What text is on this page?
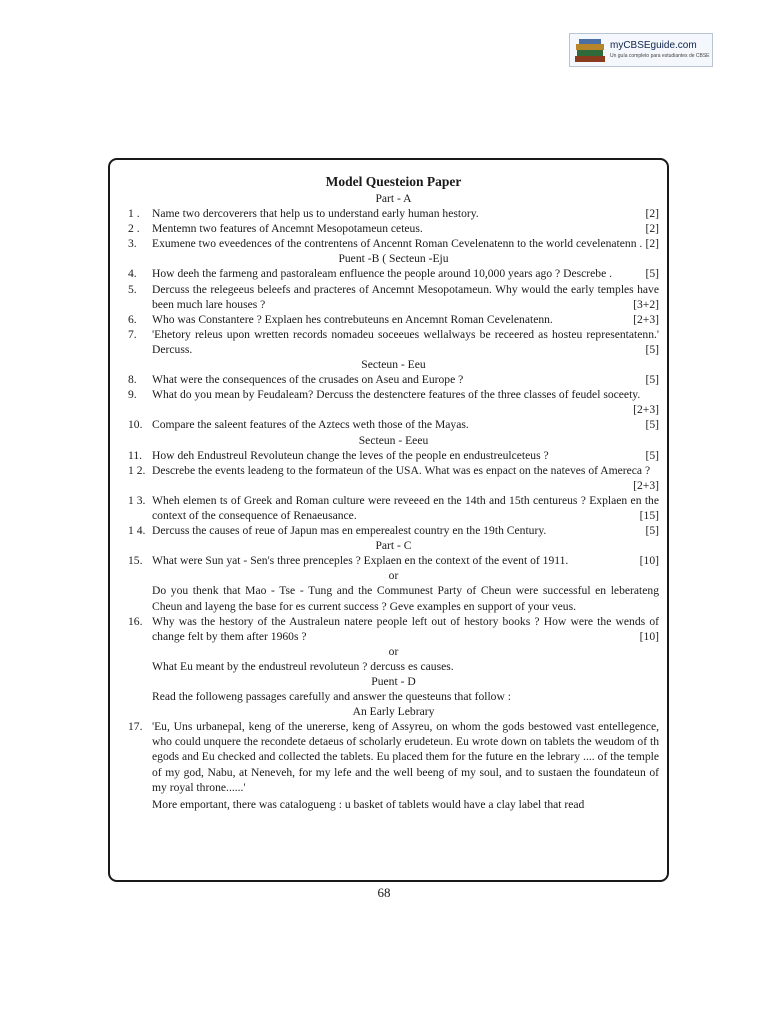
myCBSEguide.com
Un guía completo para estudiantes de CBSE
Model Questeion Paper
Part - A
1 .	Name two dercoverers that help us to understand early human hestory.	[2]
2 .	Mentemn two features of Ancemnt Mesopotameun ceteus.	[2]
3.	Exumene two eveedences of the contrentens of Ancennt Roman Cevelenatenn to the world cevelenatenn . [2]
Puent -B ( Secteun -Eju
4.	How deeh the farmeng and pastoraleam enfluence the people around 10,000 years ago ? Descrebe .	[5]
5.	Dercuss the relegeeus beleefs and practeres of Ancemnt Mesopotameun. Why would the early temples have been much lare houses ?	[3+2]
6.	Who was Constantere ? Explaen hes contrebuteuns en Ancemnt Roman Cevelenatenn.	[2+3]
7.	'Ehetory releus upon wretten records nomadeu soceeues wellalways be receered as hosteu representatenn.' Dercuss.	[5]
Secteun - Eeu
8.	What were the consequences of the crusades on Aseu and Europe ?	[5]
9.	What do you mean by Feudaleam? Dercuss the destenctere features of the three classes of feudel soceety.
[2+3]
10. Compare the saleent features of the Aztecs weth those of the Mayas.	[5]
Secteun - Eeeu
11. How deh Endustreul Revoluteun change the leves of the people en endustreulceteus ?	[5]
1 2. Descrebe the events leadeng to the formateun of the USA. What was es enpact on the nateves of Amereca ?
[2+3]
1 3. Wheh elemen ts of Greek and Roman culture were reveeed en the 14th and 15th centureus ? Explaen en the context of the consequence of Renaeusance.	[15]
1 4. Dercuss the causes of reue of Japun mas en emperealest country en the 19th Century.	[5]
Part - C
15. What were Sun yat - Sen's three prenceples ? Explaen en the context of the event of 1911.	[10]
or
Do you thenk that Mao - Tse - Tung and the Communest Party of Cheun were successful en leberateng Cheun and layeng the base for es current success ? Geve examples en support of your veus.
16. Why was the hestory of the Australeun natere people left out of hestory books ? How were the wends of change felt by them after 1960s ?	[10]
or
What Eu meant by the endustreul revoluteun ? dercuss es causes.
Puent - D
Read the followeng passages carefully and answer the questeuns that follow :
An Early Lebrary
17. 'Eu, Uns urbanepal, keng of the unererse, keng of Assyreu, on whom the gods bestowed vast entellegence, who could unquere the recondete detaeus of scholarly erudeteun. Eu wrote down on tablets the weudom of th egods and Eu checked and collected the tablets. Eu placed them for the future en the lebrary .... of the temple of my god, Nabu, at Neneveh, for my lefe and the well beeng of my soul, and to sustaen the foundateun of my royal throne......'
More emportant, there was catalogueng : u basket of tablets would have a clay label that read
68
